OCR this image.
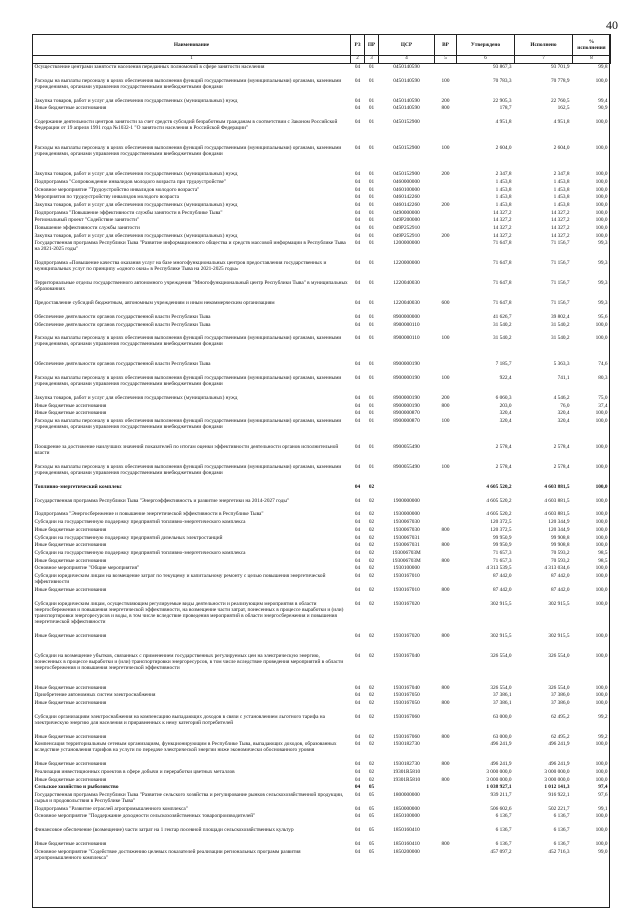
40
Наименование	РЗ	ПР	ЦСР	ВР	Утверждено	Исполнено	% исполнения
1	2	3	4	5	6	7	8
Осуществление центрами занятости населения переданных полномочий в сфере занятости населения	04	01	0450140590		93 867,3	93 701,9	99,8
Расходы на выплаты персоналу в целях обеспечения выполнения функций государственными (муниципальными) органами, казенными учреждениями, органами управления государственными внебюджетными фондами	04	01	0450140590	100	70 783,3	70 778,9	100,0
Закупка товаров, работ и услуг для обеспечения государственных (муниципальных) нужд	04	01	0450140590	200	22 905,3	22 760,5	99,4
Иные бюджетные ассигнования	04	01	0450140590	800	178,7	162,5	90,9
Содержание деятельности центров занятости за счет средств субсидий безработным гражданам в соответствии с Законом Российской Федерации от 19 апреля 1991 года №1032-1 "О занятости населения в Российской Федерации"	04	01	0450152900		4 951,8	4 951,8	100,0
Расходы на выплаты персоналу в целях обеспечения выполнения функций государственными (муниципальными) органами, казенными учреждениями, органами управления государственными внебюджетными фондами	04	01	0450152900	100	2 604,0	2 604,0	100,0
Закупка товаров, работ и услуг для обеспечения государственных (муниципальных) нужд	04	01	0450152900	200	2 347,8	2 347,8	100,0
Подпрограмма "Сопровождение инвалидов молодого возраста при трудоустройстве"	04	01	0460000000		1 453,8	1 453,8	100,0
Основное мероприятие "Трудоустройство инвалидов молодого возраста"	04	01	0460100000		1 453,8	1 453,8	100,0
Мероприятия по трудоустройству инвалидов молодого возраста	04	01	0460142260		1 453,8	1 453,8	100,0
Закупка товаров, работ и услуг для обеспечения государственных (муниципальных) нужд	04	01	0460142260	200	1 453,8	1 453,8	100,0
Подпрограмма "Повышение эффективности службы занятости в Республике Тыва"	04	01	0490000000		14 327,2	14 327,2	100,0
Региональный проект "Содействие занятости"	04	01	049P200000		14 327,2	14 327,2	100,0
Повышение эффективности службы занятости	04	01	049P252910		14 327,2	14 327,2	100,0
Закупка товаров, работ и услуг для обеспечения государственных (муниципальных) нужд	04	01	049P252910	200	14 327,2	14 327,2	100,0
Государственная программа Республики Тыва "Развитие информационного общества и средств массовой информации в Республике Тыва на 2021-2025 годы"	04	01	1200000000		71 647,8	71 156,7	99,3
Подпрограмма «Повышение качества оказания услуг на базе многофункциональных центров предоставления государственных и муниципальных услуг по принципу «одного окна» в Республике Тыва на 2021-2025 годы»	04	01	1220000000		71 647,8	71 156,7	99,3
Территориальные отделы государственного автономного учреждения "Многофункциональный центр Республики Тыва" в муниципальных образованиях	04	01	1220040030		71 647,8	71 156,7	99,3
Предоставление субсидий бюджетным, автономным учреждениям и иным некоммерческим организациям	04	01	1220040030	600	71 647,8	71 156,7	99,3
Обеспечение деятельности органов государственной власти Республики Тыва	04	01	8900000000		41 626,7	39 802,4	95,6
Обеспечение деятельности органов государственной власти Республики Тыва	04	01	8900000110		31 540,2	31 540,2	100,0
Расходы на выплаты персоналу в целях обеспечения выполнения функций государственными (муниципальными) органами, казенными учреждениями, органами управления государственными внебюджетными фондами	04	01	8900000110	100	31 540,2	31 540,2	100,0
Обеспечение деятельности органов государственной власти Республики Тыва	04	01	8900000190		7 185,7	5 363,3	74,6
Расходы на выплаты персоналу в целях обеспечения выполнения функций государственными (муниципальными) органами, казенными учреждениями, органами управления государственными внебюджетными фондами	04	01	8900000190	100	922,4	741,1	80,3
Закупка товаров, работ и услуг для обеспечения государственных (муниципальных) нужд	04	01	8900000190	200	6 060,3	4 546,2	75,0
Иные бюджетные ассигнования	04	01	8900000190	800	203,0	76,0	37,4
Иные бюджетные ассигнования	04	01	8900000870		320,4	320,4	100,0
Расходы на выплаты персоналу в целях обеспечения выполнения функций государственными (муниципальными) органами, казенными учреждениями, органами управления государственными внебюджетными фондами	04	01	8900000870	100	320,4	320,4	100,0
Поощрение за достижение наилучших значений показателей по итогам оценки эффективности деятельности органов исполнительной власти	04	01	8900055490		2 578,4	2 578,4	100,0
Расходы на выплаты персоналу в целях обеспечения выполнения функций государственными (муниципальными) органами, казенными учреждениями, органами управления государственными внебюджетными фондами	04	01	8900055490	100	2 578,4	2 578,4	100,0
Топливно-энергетический комплекс	04	02			4 605 520,2	4 603 881,5	100,0
Государственная программа Республики Тыва "Энергоэффективность и развитие энергетики на 2014-2027 годы"	04	02	1900000000		4 605 520,2	4 603 881,5	100,0
Подпрограмма "Энергосбережение и повышение энергетической эффективности в Республике Тыва"	04	02	1930000000		4 605 520,2	4 603 881,5	100,0
Субсидии на государственную поддержку предприятий топливно-энергетического комплекса	04	02	1930067030		120 372,5	120 344,9	100,0
Иные бюджетные ассигнования	04	02	1930067030	800	120 372,5	120 344,9	100,0
Субсидии на государственную поддержку предприятий дизельных электростанций	04	02	1930067031		99 950,9	99 908,8	100,0
Иные бюджетные ассигнования	04	02	1930067031	800	99 950,9	99 908,8	100,0
Субсидии на государственную поддержку предприятий топливно-энергетического комплекса	04	02	193006703M		71 657,3	70 593,2	98,5
Иные бюджетные ассигнования	04	02	193006703M	800	71 657,3	70 593,2	98,5
Основное мероприятие "Общие мероприятия"	04	02	1930100000		4 313 539,5	4 313 034,6	100,0
Субсидии юридическим лицам на возмещение затрат по текущему и капитальному ремонту с целью повышения энергетической эффективности	04	02	1930167010		87 442,0	87 442,0	100,0
Иные бюджетные ассигнования	04	02	1930167010	800	87 442,0	87 442,0	100,0
Субсидии юридическим лицам, осуществляющим регулируемые виды деятельности и реализующим мероприятия в области энергосбережения и повышения энергетической эффективности, на возмещение части затрат, понесенных в процессе выработки и (или) транспортировки энергоресурсов и воды, в том числе вследствие проведения мероприятий в области энергосбережения и повышения энергетической эффективности	04	02	1930167020		302 915,5	302 915,5	100,0
Иные бюджетные ассигнования	04	02	1930167020	800	302 915,5	302 915,5	100,0
Субсидии на возмещение убытков, связанных с применением государственных регулируемых цен на электрическую энергию, понесенных в процессе выработки и (или) транспортировки энергоресурсов, в том числе вследствие проведения мероприятий в области энергосбережения и повышения энергетической эффективности	04	02	1930167040		326 554,0	326 554,0	100,0
Иные бюджетные ассигнования	04	02	1930167040	800	326 554,0	326 554,0	100,0
Приобретение автономных систем электроснабжения	04	02	1930167050		37 386,1	37 386,0	100,0
Иные бюджетные ассигнования	04	02	1930167050	800	37 386,1	37 386,0	100,0
Субсидии организациям электроснабжения на компенсацию выпадающих доходов в связи с установлением льготного тарифа на электрическую энергию для населения и приравненных к нему категорий потребителей	04	02	1930167060		63 000,0	62 495,2	99,2
Иные бюджетные ассигнования	04	02	1930167060	800	63 000,0	62 495,2	99,2
Компенсация территориальным сетевым организациям, функционирующим в Республике Тыва, выпадающих доходов, образованных вследствие установления тарифов на услуги по передаче электрической энергии ниже экономически обоснованного уровня	04	02	1930182730		496 241,9	496 241,9	100,0
Иные бюджетные ассигнования	04	02	1930182730	800	496 241,9	496 241,9	100,0
Реализация инвестиционных проектов в сфере добычи и переработки цветных металлов	04	02	19301R5810		3 000 000,0	3 000 000,0	100,0
Иные бюджетные ассигнования	04	02	19301R5810	800	3 000 000,0	3 000 000,0	100,0
Сельское хозяйство и рыболовство	04	05			1 038 927,1	1 012 141,3	97,4
Государственная программа Республики Тыва "Развитие сельского хозяйства и регулирование рынков сельскохозяйственной продукции, сырья и продовольствия в Республике Тыва"	04	05	1800000000		939 211,7	916 922,1	97,6
Подпрограмма "Развитие отраслей агропромышленного комплекса"	04	05	1850000000		506 602,6	502 221,7	99,1
Основное мероприятие "Поддержание доходности сельскохозяйственных товаропроизводителей"	04	05	1850100000		6 136,7	6 136,7	100,0
Финансовое обеспечение (возмещение) части затрат на 1 гектар посевной площади сельскохозяйственных культур	04	05	1850160410		6 136,7	6 136,7	100,0
Иные бюджетные ассигнования	04	05	1850160410	800	6 136,7	6 136,7	100,0
Основное мероприятие "Содействие достижению целевых показателей реализации региональных программ развития агропромышленного комплекса"	04	05	1850200000		457 097,2	452 716,3	99,0
